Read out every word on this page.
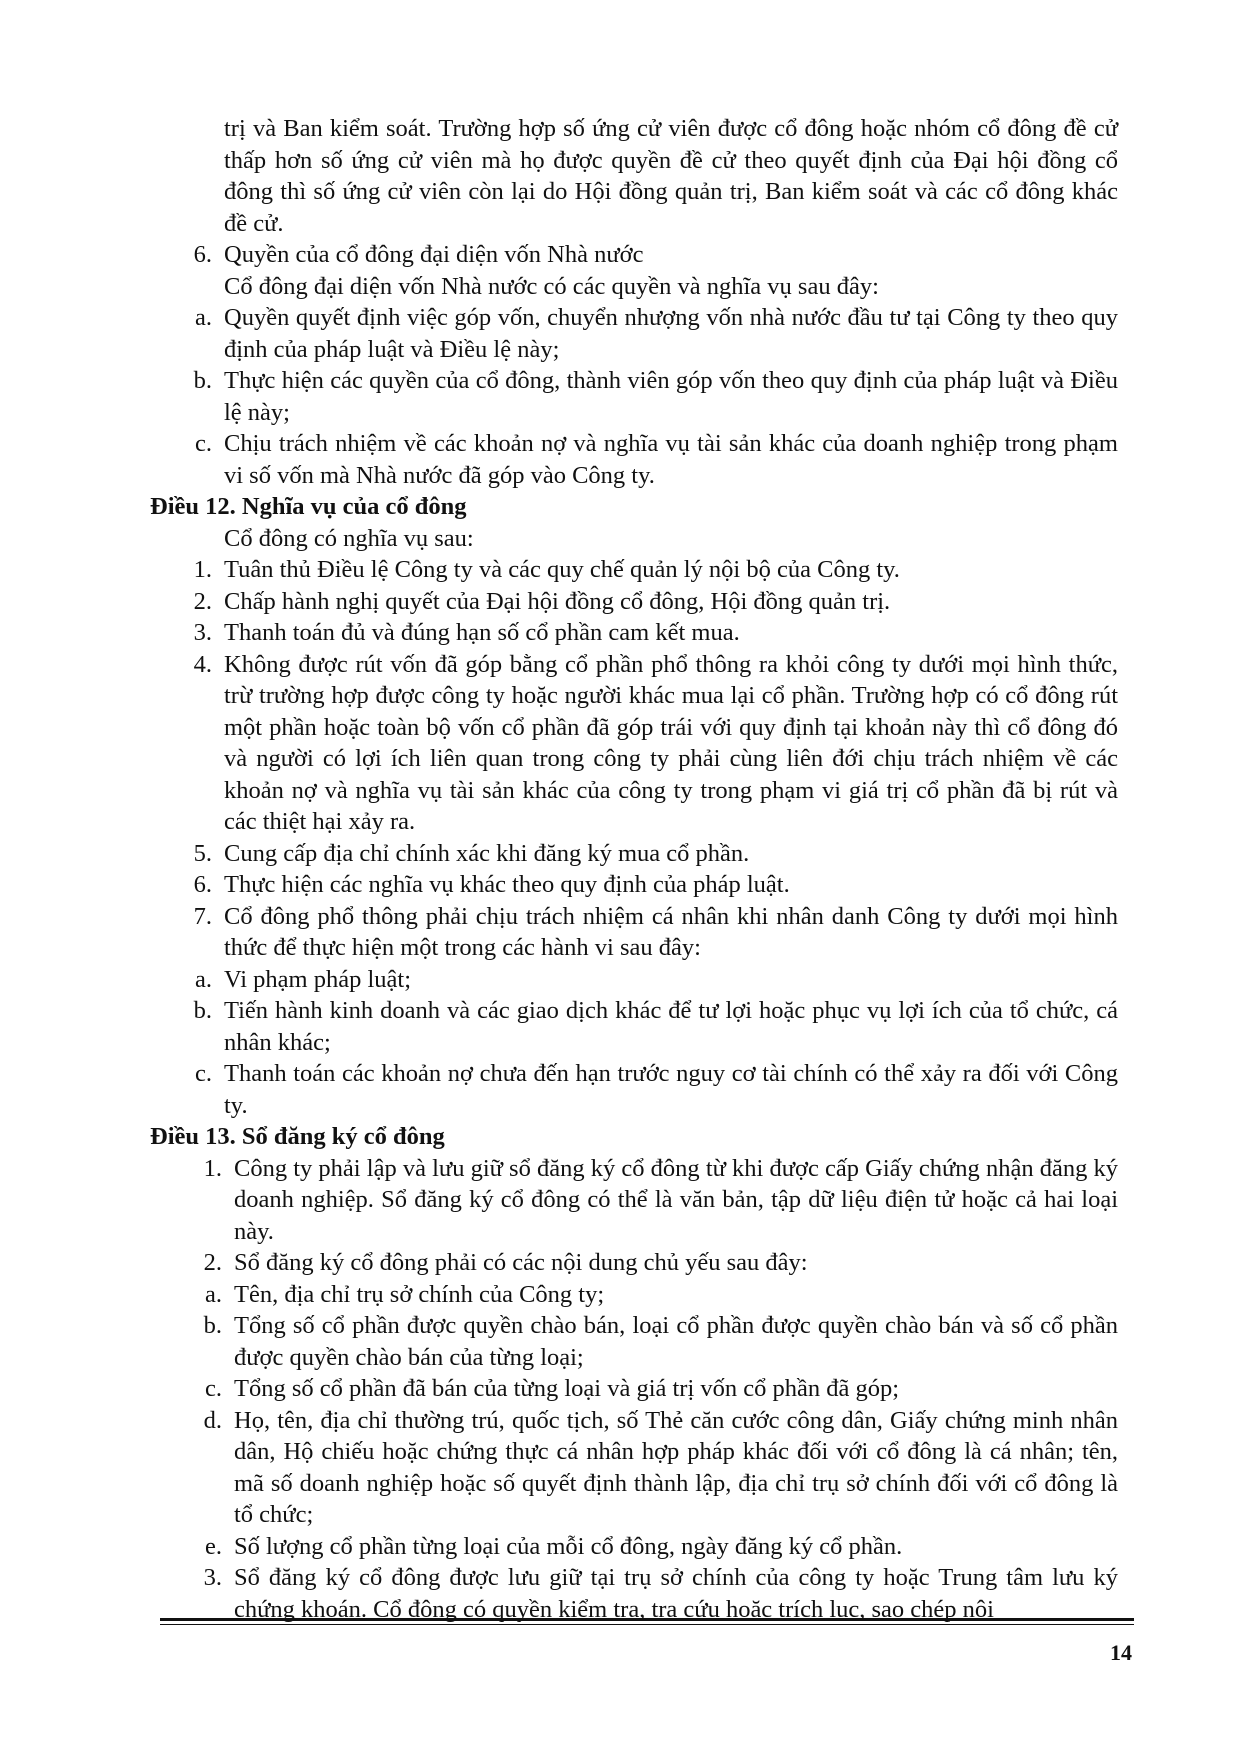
trị và Ban kiểm soát. Trường hợp số ứng cử viên được cổ đông hoặc nhóm cổ đông đề cử thấp hơn số ứng cử viên mà họ được quyền đề cử theo quyết định của Đại hội đồng cổ đông thì số ứng cử viên còn lại do Hội đồng quản trị, Ban kiểm soát và các cổ đông khác đề cử.
6. Quyền của cổ đông đại diện vốn Nhà nước
Cổ đông đại diện vốn Nhà nước có các quyền và nghĩa vụ sau đây:
a. Quyền quyết định việc góp vốn, chuyển nhượng vốn nhà nước đầu tư tại Công ty theo quy định của pháp luật và Điều lệ này;
b. Thực hiện các quyền của cổ đông, thành viên góp vốn theo quy định của pháp luật và Điều lệ này;
c. Chịu trách nhiệm về các khoản nợ và nghĩa vụ tài sản khác của doanh nghiệp trong phạm vi số vốn mà Nhà nước đã góp vào Công ty.
Điều 12. Nghĩa vụ của cổ đông
Cổ đông có nghĩa vụ sau:
1. Tuân thủ Điều lệ Công ty và các quy chế quản lý nội bộ của Công ty.
2. Chấp hành nghị quyết của Đại hội đồng cổ đông, Hội đồng quản trị.
3. Thanh toán đủ và đúng hạn số cổ phần cam kết mua.
4. Không được rút vốn đã góp bằng cổ phần phổ thông ra khỏi công ty dưới mọi hình thức, trừ trường hợp được công ty hoặc người khác mua lại cổ phần. Trường hợp có cổ đông rút một phần hoặc toàn bộ vốn cổ phần đã góp trái với quy định tại khoản này thì cổ đông đó và người có lợi ích liên quan trong công ty phải cùng liên đới chịu trách nhiệm về các khoản nợ và nghĩa vụ tài sản khác của công ty trong phạm vi giá trị cổ phần đã bị rút và các thiệt hại xảy ra.
5. Cung cấp địa chỉ chính xác khi đăng ký mua cổ phần.
6. Thực hiện các nghĩa vụ khác theo quy định của pháp luật.
7. Cổ đông phổ thông phải chịu trách nhiệm cá nhân khi nhân danh Công ty dưới mọi hình thức để thực hiện một trong các hành vi sau đây:
a. Vi phạm pháp luật;
b. Tiến hành kinh doanh và các giao dịch khác để tư lợi hoặc phục vụ lợi ích của tổ chức, cá nhân khác;
c. Thanh toán các khoản nợ chưa đến hạn trước nguy cơ tài chính có thể xảy ra đối với Công ty.
Điều 13. Sổ đăng ký cổ đông
1. Công ty phải lập và lưu giữ sổ đăng ký cổ đông từ khi được cấp Giấy chứng nhận đăng ký doanh nghiệp. Sổ đăng ký cổ đông có thể là văn bản, tập dữ liệu điện tử hoặc cả hai loại này.
2. Sổ đăng ký cổ đông phải có các nội dung chủ yếu sau đây:
a. Tên, địa chỉ trụ sở chính của Công ty;
b. Tổng số cổ phần được quyền chào bán, loại cổ phần được quyền chào bán và số cổ phần được quyền chào bán của từng loại;
c. Tổng số cổ phần đã bán của từng loại và giá trị vốn cổ phần đã góp;
d. Họ, tên, địa chỉ thường trú, quốc tịch, số Thẻ căn cước công dân, Giấy chứng minh nhân dân, Hộ chiếu hoặc chứng thực cá nhân hợp pháp khác đối với cổ đông là cá nhân; tên, mã số doanh nghiệp hoặc số quyết định thành lập, địa chỉ trụ sở chính đối với cổ đông là tổ chức;
e. Số lượng cổ phần từng loại của mỗi cổ đông, ngày đăng ký cổ phần.
3. Sổ đăng ký cổ đông được lưu giữ tại trụ sở chính của công ty hoặc Trung tâm lưu ký chứng khoán. Cổ đông có quyền kiểm tra, tra cứu hoặc trích lục, sao chép nội
14
